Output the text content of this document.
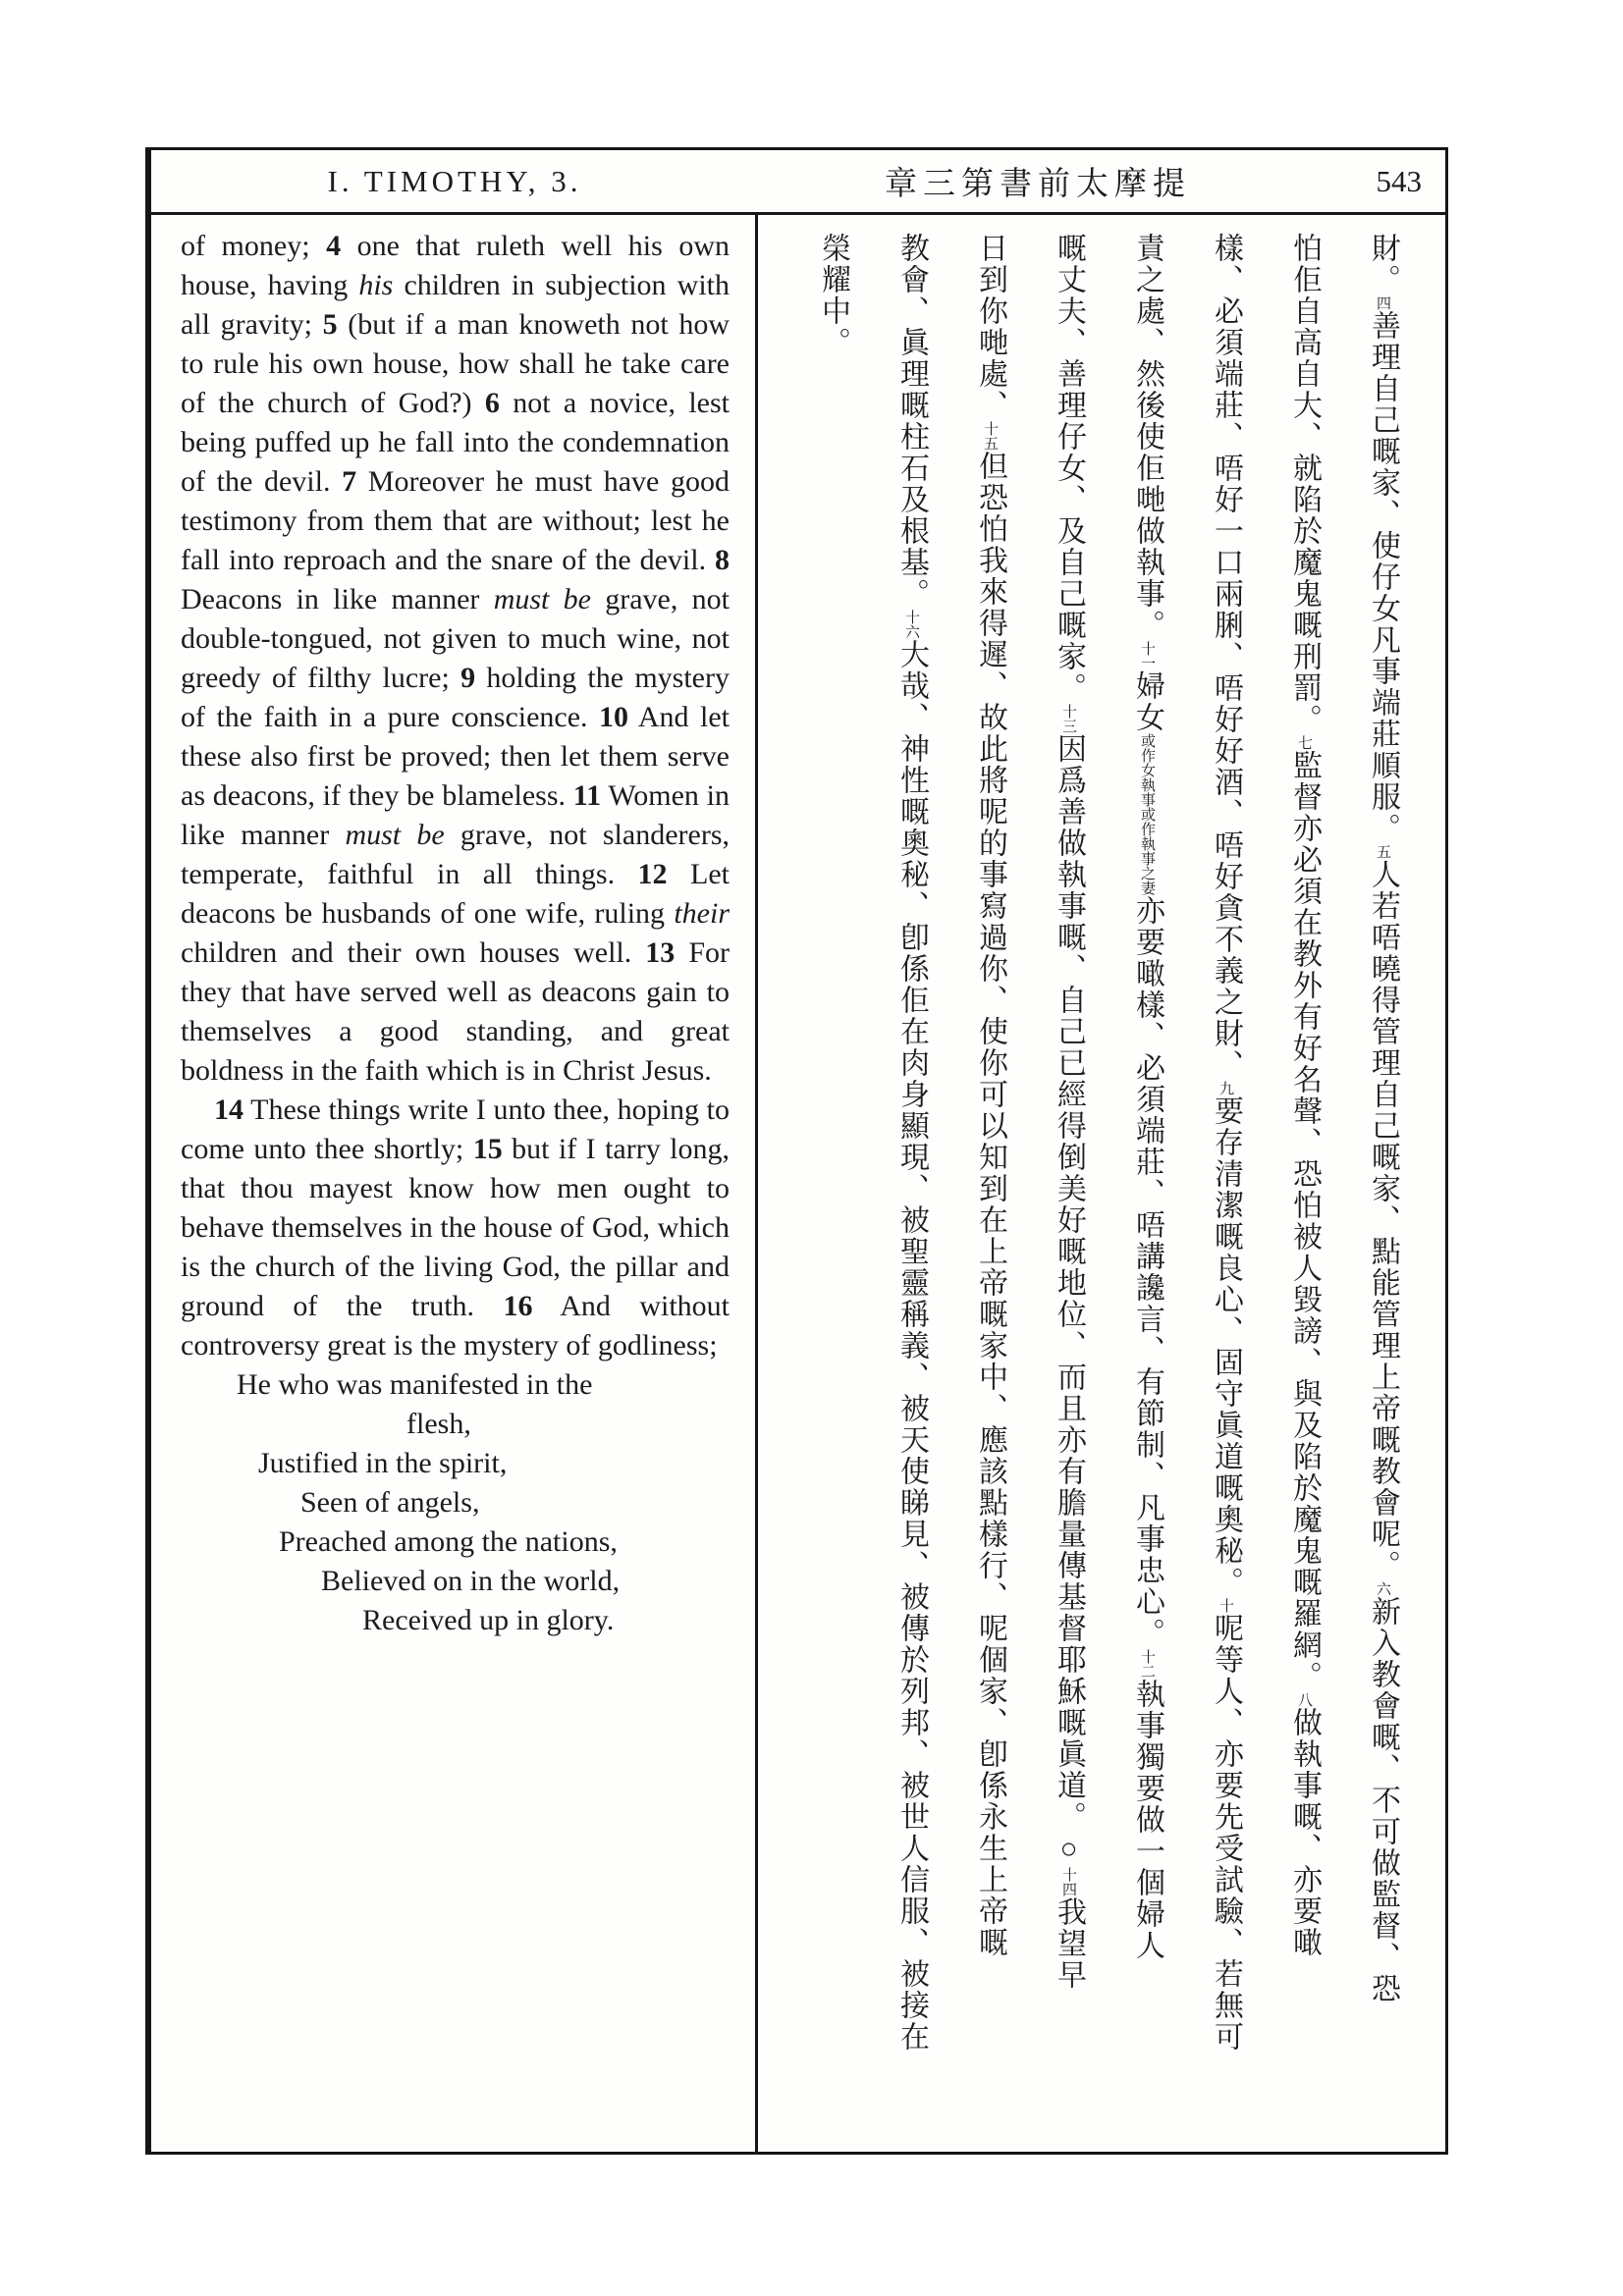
I. TIMOTHY, 3.	章三第書前太摩提	543

of money; 4 one that ruleth well his own house, having his children in subjection with all gravity; 5 (but if a man knoweth not how to rule his own house, how shall he take care of the church of God?) 6 not a novice, lest being puffed up he fall into the condemnation of the devil. 7 Moreover he must have good testimony from them that are without; lest he fall into reproach and the snare of the devil. 8 Deacons in like manner must be grave, not double-tongued, not given to much wine, not greedy of filthy lucre; 9 holding the mystery of the faith in a pure conscience. 10 And let these also first be proved; then let them serve as deacons, if they be blameless. 11 Women in like manner must be grave, not slanderers, temperate, faithful in all things. 12 Let deacons be husbands of one wife, ruling their children and their own houses well. 13 For they that have served well as deacons gain to themselves a good standing, and great boldness in the faith which is in Christ Jesus.

14 These things write I unto thee, hoping to come unto thee shortly; 15 but if I tarry long, that thou mayest know how men ought to behave themselves in the house of God, which is the church of the living God, the pillar and ground of the truth. 16 And without controversy great is the mystery of godliness;

He who was manifested in the
flesh,
Justified in the spirit,
Seen of angels,
Preached among the nations,
Believed on in the world,
Received up in glory.
財。四善理自己嘅家、使仔女凡事端莊順服。五人若唔曉得管理自己嘅家、點能管理上帝嘅教會呢。六新入教會嘅、不可做監督、恐
怕佢自高自大、就陷於魔鬼嘅刑罰。七監督亦必須在教外有好名聲、恐怕被人毀謗、與及陷於魔鬼嘅羅網。八做執事嘅、亦要噉
樣、必須端莊、唔好一口兩脷、唔好好酒、唔好貪不義之財、九要存清潔嘅良心、固守眞道嘅奧秘。十呢等人、亦要先受試驗、若無可
責之處、然後使佢哋做執事。十一婦女或作女執事或作執事之妻亦要噉樣、必須端莊、唔講讒言、有節制、凡事忠心。十二執事獨要做一個婦人
嘅丈夫、善理仔女、及自己嘅家。十三因爲善做執事嘅、自己已經得倒美好嘅地位、而且亦有膽量傳基督耶穌嘅眞道。○十四我望早
日到你哋處、十五但恐怕我來得遲、故此將呢的事寫過你、使你可以知到在上帝嘅家中、應該點樣行、呢個家、卽係永生上帝嘅
教會、眞理嘅柱石及根基。十六大哉、神性嘅奧秘、卽係佢在肉身顯現、被聖靈稱義、被天使睇見、被傳於列邦、被世人信服、被接在
榮耀中。
